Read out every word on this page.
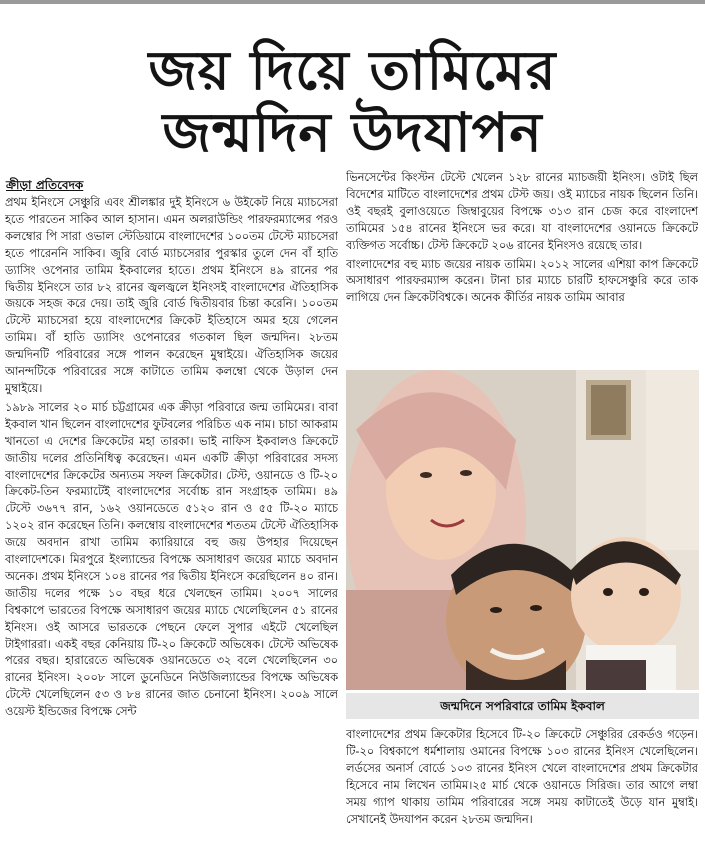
জয় দিয়ে তামিমের
জন্মদিন উদযাপন
ক্রীড়া প্রতিবেদক

প্রথম ইনিংসে সেঞ্চুরি এবং শ্রীলঙ্কার দুই ইনিংসে ৬ উইকেট নিয়ে ম্যাচসেরা হতে পারতেন সাকিব আল হাসান। এমন অলরাউন্ডিং পারফরম্যান্সের পরও কলম্বোর পি সারা ওভাল স্টেডিয়ামে বাংলাদেশের ১০০তম টেস্টে ম্যাচসেরা হতে পারেননি সাকিব। জুরি বোর্ড ম্যাচসেরার পুরস্কার তুলে দেন বাঁ হাতি ড্যাসিং ওপেনার তামিম ইকবালের হাতে। প্রথম ইনিংসে ৪৯ রানের পর দ্বিতীয় ইনিংসে তার ৮২ রানের জ্বলজ্বলে ইনিংসই বাংলাদেশের ঐতিহাসিক জয়কে সহজ করে দেয়। তাই জুরি বোর্ড দ্বিতীয়বার চিন্তা করেনি। ১০০তম টেস্টে ম্যাচসেরা হয়ে বাংলাদেশের ক্রিকেট ইতিহাসে অমর হয়ে গেলেন তামিম। বাঁ হাতি ড্যাসিং ওপেনারের গতকাল ছিল জন্মদিন। ২৮তম জন্মদিনটি পরিবারের সঙ্গে পালন করেছেন মুম্বাইয়ে। ঐতিহাসিক জয়ের আনন্দটিকে পরিবারের সঙ্গে কাটাতে তামিম কলম্বো থেকে উড়াল দেন মুম্বাইয়ে।

১৯৮৯ সালের ২০ মার্চ চট্টগ্রামের এক ক্রীড়া পরিবারে জন্ম তামিমের। বাবা ইকবাল খান ছিলেন বাংলাদেশের ফুটবলের পরিচিত এক নাম। চাচা আকরাম খানতো এ দেশের ক্রিকেটের মহা তারকা। ভাই নাফিস ইকবালও ক্রিকেটে জাতীয় দলের প্রতিনিধিত্ব করেছেন। এমন একটি ক্রীড়া পরিবারের সদস্য বাংলাদেশের ক্রিকেটের অন্যতম সফল ক্রিকেটার। টেস্ট, ওয়ানডে ও টি-২০ ক্রিকেট-তিন ফরম্যাটেই বাংলাদেশের সর্বোচ্চ রান সংগ্রাহক তামিম। ৪৯ টেস্টে ৩৬৭৭ রান, ১৬২ ওয়ানডেতে ৫১২০ রান ও ৫৫ টি-২০ ম্যাচে ১২০২ রান করেছেন তিনি। কলম্বোয় বাংলাদেশের শততম টেস্টে ঐতিহাসিক জয়ে অবদান রাখা তামিম ক্যারিয়ারে বহু জয় উপহার দিয়েছেন বাংলাদেশকে। মিরপুরে ইংল্যান্ডের বিপক্ষে অসাধারণ জয়ের ম্যাচে অবদান অনেক। প্রথম ইনিংসে ১০৪ রানের পর দ্বিতীয় ইনিংসে করেছিলেন ৪০ রান। জাতীয় দলের পক্ষে ১০ বছর ধরে খেলছেন তামিম। ২০০৭ সালের বিশ্বকাপে ভারতের বিপক্ষে অসাধারণ জয়ের ম্যাচে খেলেছিলেন ৫১ রানের ইনিংস। ওই আসরে ভারতকে পেছনে ফেলে সুপার এইটে খেলেছিল টাইগাররা। একই বছর কেনিয়ায় টি-২০ ক্রিকেটে অভিষেক। টেস্টে অভিষেক পরের বছর। হারারেতে অভিষেক ওয়ানডেতে ৩২ বলে খেলেছিলেন ৩০ রানের ইনিংস। ২০০৮ সালে ডুনেডিনে নিউজিল্যান্ডের বিপক্ষে অভিষেক টেস্টে খেলেছিলেন ৫৩ ও ৮৪ রানের জাত চেনানো ইনিংস। ২০০৯ সালে ওয়েস্ট ইন্ডিজের বিপক্ষে সেন্ট

ভিনসেন্টের কিংস্টন টেস্টে খেলেন ১২৮ রানের ম্যাচজয়ী ইনিংস। ওটাই ছিল বিদেশের মাটিতে বাংলাদেশের প্রথম টেস্ট জয়। ওই ম্যাচের নায়ক ছিলেন তিনি। ওই বছরই বুলাওয়েতে জিম্বাবুয়ের বিপক্ষে ৩১৩ রান চেজ করে বাংলাদেশ তামিমের ১৫৪ রানের ইনিংসে ভর করে। যা বাংলাদেশের ওয়ানডে ক্রিকেটে ব্যক্তিগত সর্বোচ্চ। টেস্ট ক্রিকেটে ২০৬ রানের ইনিংসও রয়েছে তার।

বাংলাদেশের বহু ম্যাচ জয়ের নায়ক তামিম। ২০১২ সালের এশিয়া কাপ ক্রিকেটে অসাধারণ পারফরম্যান্স করেন। টানা চার ম্যাচে চারটি হাফসেঞ্চুরি করে তাক লাগিয়ে দেন ক্রিকেটবিশ্বকে। অনেক কীর্তির নায়ক তামিম আবার

জন্মদিনে সপরিবারে তামিম ইকবাল

বাংলাদেশের প্রথম ক্রিকেটার হিসেবে টি-২০ ক্রিকেটে সেঞ্চুরির রেকর্ডও গড়েন। টি-২০ বিশ্বকাপে ধর্মশালায় ওমানের বিপক্ষে ১০৩ রানের ইনিংস খেলেছিলেন। লর্ডসের অনার্স বোর্ডে ১০৩ রানের ইনিংস খেলে বাংলাদেশের প্রথম ক্রিকেটার হিসেবে নাম লিখেন তামিম।২৫ মার্চ থেকে ওয়ানডে সিরিজ। তার আগে লম্বা সময় গ্যাপ থাকায় তামিম পরিবারের সঙ্গে সময় কাটাতেই উড়ে যান মুম্বাই। সেখানেই উদযাপন করেন ২৮তম জন্মদিন।
